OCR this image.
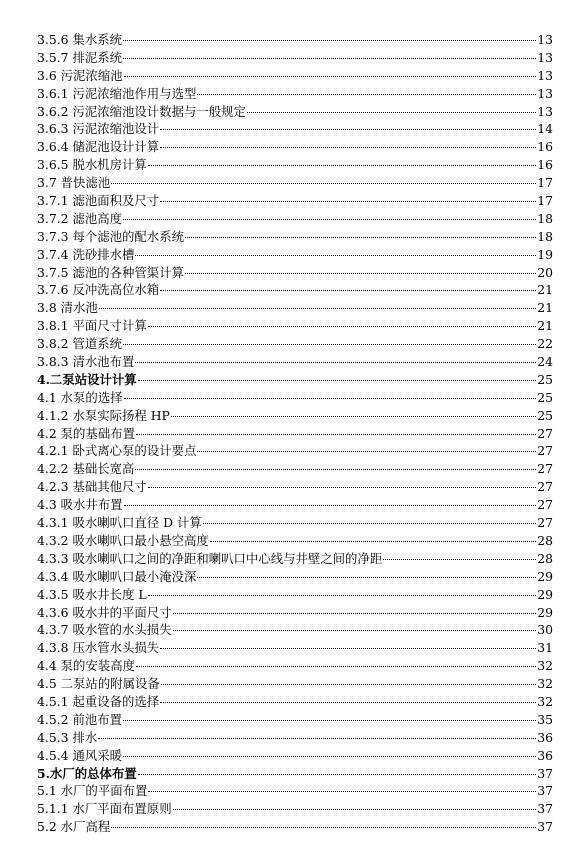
3.5.6 集水系统	13
3.5.7 排泥系统	13
3.6 污泥浓缩池	13
3.6.1 污泥浓缩池作用与选型	13
3.6.2 污泥浓缩池设计数据与一般规定	13
3.6.3 污泥浓缩池设计	14
3.6.4 储泥池设计计算	16
3.6.5 脱水机房计算	16
3.7 普快滤池	17
3.7.1 滤池面积及尺寸	17
3.7.2 滤池高度	18
3.7.3 每个滤池的配水系统	18
3.7.4 洗砂排水槽	19
3.7.5 滤池的各种管渠计算	20
3.7.6 反冲洗高位水箱	21
3.8 清水池	21
3.8.1 平面尺寸计算	21
3.8.2 管道系统	22
3.8.3 清水池布置	24
4.二泵站设计计算	25
4.1 水泵的选择	25
4.1.2 水泵实际扬程 HP	25
4.2 泵的基础布置	27
4.2.1 卧式离心泵的设计要点	27
4.2.2 基础长宽高	27
4.2.3 基础其他尺寸	27
4.3 吸水井布置	27
4.3.1 吸水喇叭口直径 D 计算	27
4.3.2 吸水喇叭口最小悬空高度	28
4.3.3 吸水喇叭口之间的净距和喇叭口中心线与井壁之间的净距	28
4.3.4 吸水喇叭口最小淹没深	29
4.3.5 吸水井长度 L	29
4.3.6 吸水井的平面尺寸	29
4.3.7 吸水管的水头损失	30
4.3.8 压水管水头损失	31
4.4 泵的安装高度	32
4.5 二泵站的附属设备	32
4.5.1 起重设备的选择	32
4.5.2 前池布置	35
4.5.3 排水	36
4.5.4 通风采暖	36
5.水厂的总体布置	37
5.1 水厂的平面布置	37
5.1.1 水厂平面布置原则	37
5.2 水厂高程	37
